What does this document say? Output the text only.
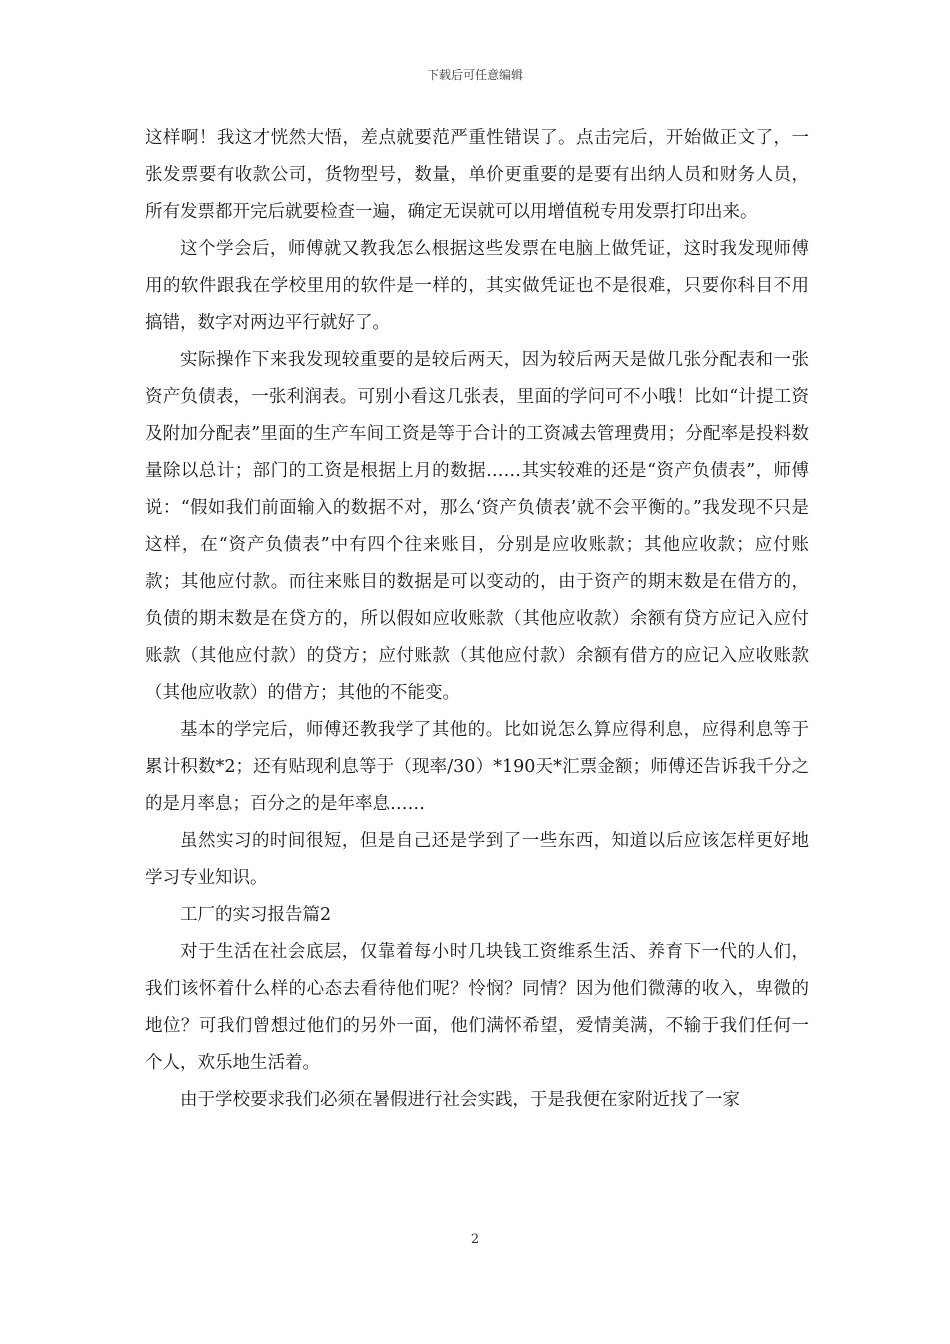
下载后可任意编辑

这样啊！我这才恍然大悟，差点就要范严重性错误了。点击完后，开始做正文了，一张发票要有收款公司，货物型号，数量，单价更重要的是要有出纳人员和财务人员，所有发票都开完后就要检查一遍，确定无误就可以用增值税专用发票打印出来。

这个学会后，师傅就又教我怎么根据这些发票在电脑上做凭证，这时我发现师傅用的软件跟我在学校里用的软件是一样的，其实做凭证也不是很难，只要你科目不用搞错，数字对两边平行就好了。

实际操作下来我发现较重要的是较后两天，因为较后两天是做几张分配表和一张资产负债表，一张利润表。可别小看这几张表，里面的学问可不小哦！比如“计提工资及附加分配表”里面的生产车间工资是等于合计的工资减去管理费用；分配率是投料数量除以总计；部门的工资是根据上月的数据……其实较难的还是“资产负债表”，师傅说：“假如我们前面输入的数据不对，那么‘资产负债表’就不会平衡的。”我发现不只是这样，在“资产负债表”中有四个往来账目，分别是应收账款；其他应收款；应付账款；其他应付款。而往来账目的数据是可以变动的，由于资产的期末数是在借方的，负债的期末数是在贷方的，所以假如应收账款（其他应收款）余额有贷方应记入应付账款（其他应付款）的贷方；应付账款（其他应付款）余额有借方的应记入应收账款（其他应收款）的借方；其他的不能变。

基本的学完后，师傅还教我学了其他的。比如说怎么算应得利息，应得利息等于累计积数*2；还有贴现利息等于（现率/30）*190天*汇票金额；师傅还告诉我千分之的是月率息；百分之的是年率息……

虽然实习的时间很短，但是自己还是学到了一些东西，知道以后应该怎样更好地学习专业知识。

工厂的实习报告篇2

对于生活在社会底层，仅靠着每小时几块钱工资维系生活、养育下一代的人们，我们该怀着什么样的心态去看待他们呢？怜悯？同情？因为他们微薄的收入，卑微的地位？可我们曾想过他们的另外一面，他们满怀希望，爱情美满，不输于我们任何一个人，欢乐地生活着。

由于学校要求我们必须在暑假进行社会实践，于是我便在家附近找了一家

2
